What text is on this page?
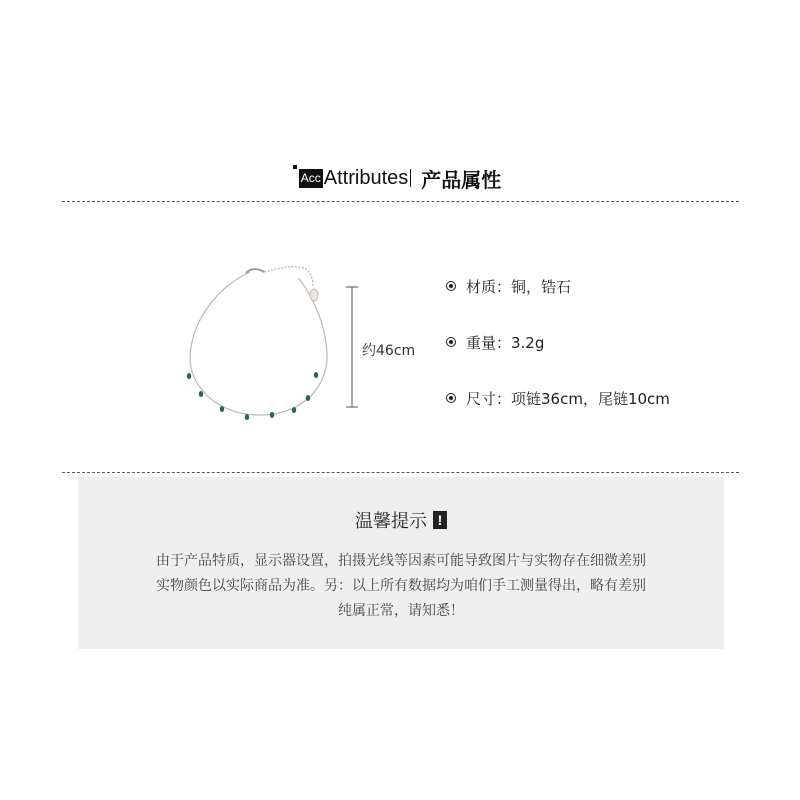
Acc Attributes 产品属性
约46cm
材质：铜，锆石
重量：3.2g
尺寸：项链36cm，尾链10cm
温馨提示 !
由于产品特质，显示器设置，拍摄光线等因素可能导致图片与实物存在细微差别
实物颜色以实际商品为准。另：以上所有数据均为咱们手工测量得出，略有差别
纯属正常，请知悉！
